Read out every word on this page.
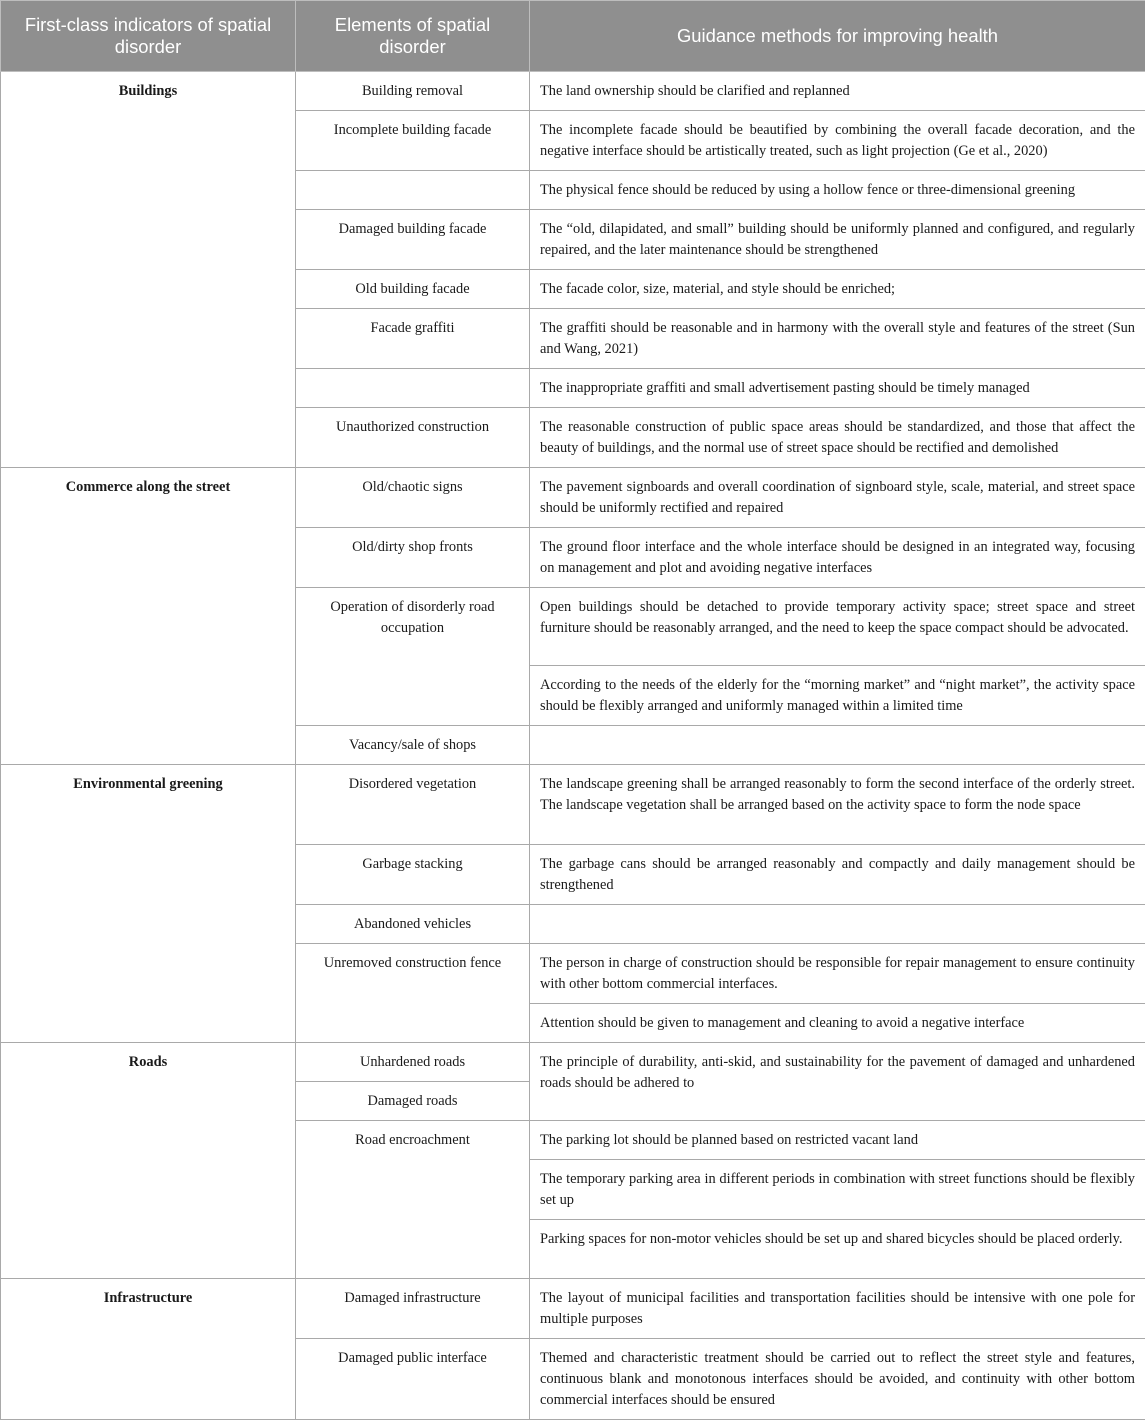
First-class indicators of spatial disorder	Elements of spatial disorder	Guidance methods for improving health
Buildings	Building removal	The land ownership should be clarified and replanned
	Incomplete building facade	The incomplete facade should be beautified by combining the overall facade decoration, and the negative interface should be artistically treated, such as light projection (Ge et al., 2020)
		The physical fence should be reduced by using a hollow fence or three-dimensional greening
	Damaged building facade	The “old, dilapidated, and small” building should be uniformly planned and configured, and regularly repaired, and the later maintenance should be strengthened
	Old building facade	The facade color, size, material, and style should be enriched;
	Facade graffiti	The graffiti should be reasonable and in harmony with the overall style and features of the street (Sun and Wang, 2021)
		The inappropriate graffiti and small advertisement pasting should be timely managed
	Unauthorized construction	The reasonable construction of public space areas should be standardized, and those that affect the beauty of buildings, and the normal use of street space should be rectified and demolished
Commerce along the street	Old/chaotic signs	The pavement signboards and overall coordination of signboard style, scale, material, and street space should be uniformly rectified and repaired
	Old/dirty shop fronts	The ground floor interface and the whole interface should be designed in an integrated way, focusing on management and plot and avoiding negative interfaces
	Operation of disorderly road occupation	Open buildings should be detached to provide temporary activity space; street space and street furniture should be reasonably arranged, and the need to keep the space compact should be advocated.
		According to the needs of the elderly for the “morning market” and “night market”, the activity space should be flexibly arranged and uniformly managed within a limited time
	Vacancy/sale of shops	
Environmental greening	Disordered vegetation	The landscape greening shall be arranged reasonably to form the second interface of the orderly street. The landscape vegetation shall be arranged based on the activity space to form the node space
	Garbage stacking	The garbage cans should be arranged reasonably and compactly and daily management should be strengthened
	Abandoned vehicles	
	Unremoved construction fence	The person in charge of construction should be responsible for repair management to ensure continuity with other bottom commercial interfaces.
		Attention should be given to management and cleaning to avoid a negative interface
Roads	Unhardened roads	The principle of durability, anti-skid, and sustainability for the pavement of damaged and unhardened roads should be adhered to
	Damaged roads	
	Road encroachment	The parking lot should be planned based on restricted vacant land
		The temporary parking area in different periods in combination with street functions should be flexibly set up
		Parking spaces for non-motor vehicles should be set up and shared bicycles should be placed orderly.
Infrastructure	Damaged infrastructure	The layout of municipal facilities and transportation facilities should be intensive with one pole for multiple purposes
	Damaged public interface	Themed and characteristic treatment should be carried out to reflect the street style and features, continuous blank and monotonous interfaces should be avoided, and continuity with other bottom commercial interfaces should be ensured
